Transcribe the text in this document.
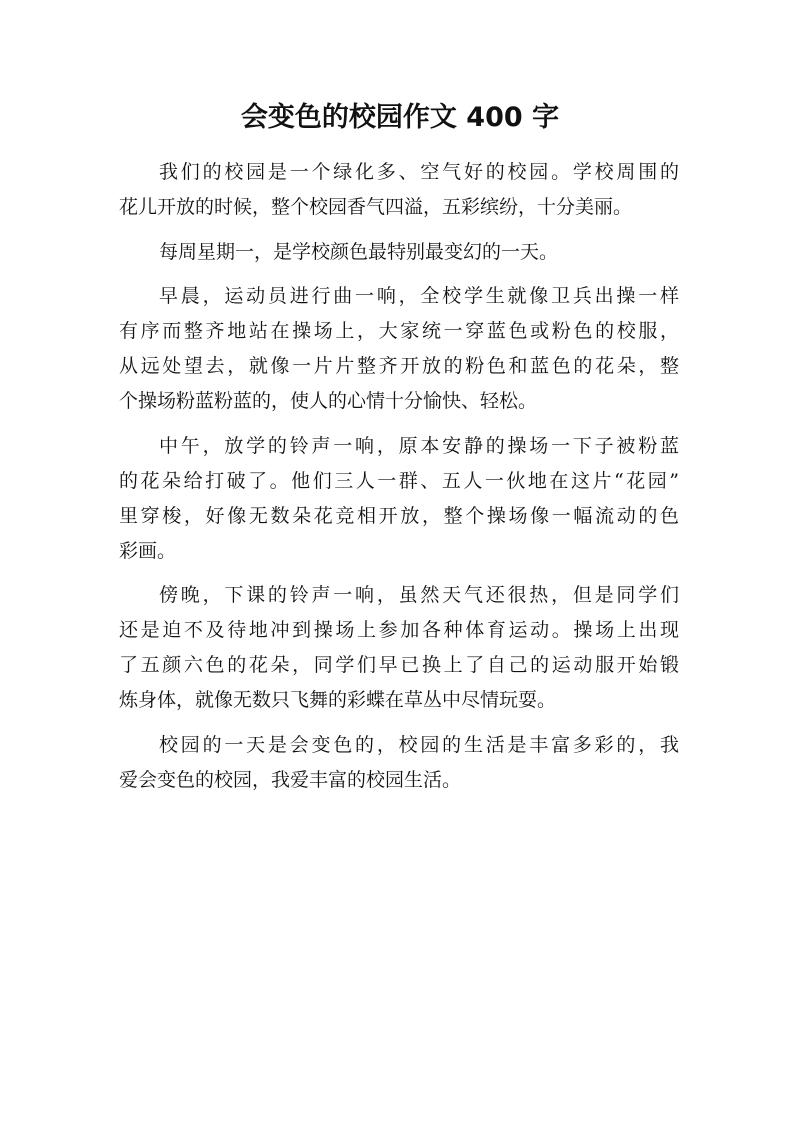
会变色的校园作文 400 字

我们的校园是一个绿化多、空气好的校园。学校周围的
花儿开放的时候，整个校园香气四溢，五彩缤纷，十分美丽。

每周星期一，是学校颜色最特别最变幻的一天。

早晨，运动员进行曲一响，全校学生就像卫兵出操一样
有序而整齐地站在操场上，大家统一穿蓝色或粉色的校服，
从远处望去，就像一片片整齐开放的粉色和蓝色的花朵，整
个操场粉蓝粉蓝的，使人的心情十分愉快、轻松。

中午，放学的铃声一响，原本安静的操场一下子被粉蓝
的花朵给打破了。他们三人一群、五人一伙地在这片“花园”
里穿梭，好像无数朵花竞相开放，整个操场像一幅流动的色
彩画。

傍晚，下课的铃声一响，虽然天气还很热，但是同学们
还是迫不及待地冲到操场上参加各种体育运动。操场上出现
了五颜六色的花朵，同学们早已换上了自己的运动服开始锻
炼身体，就像无数只飞舞的彩蝶在草丛中尽情玩耍。

校园的一天是会变色的，校园的生活是丰富多彩的，我
爱会变色的校园，我爱丰富的校园生活。
